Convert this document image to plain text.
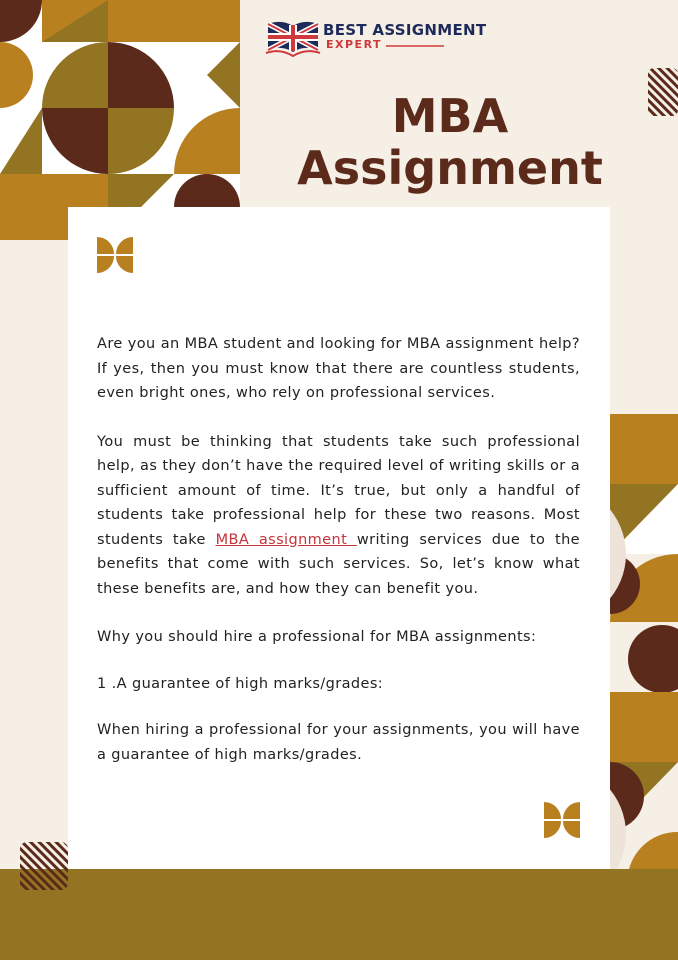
BEST ASSIGNMENT
EXPERT
MBA
Assignment

Are you an MBA student and looking for MBA assignment help? If yes, then you must know that there are countless students, even bright ones, who rely on professional services.

You must be thinking that students take such professional help, as they don’t have the required level of writing skills or a sufficient amount of time. It’s true, but only a handful of students take professional help for these two reasons. Most students take MBA assignment writing services due to the benefits that come with such services. So, let’s know what these benefits are, and how they can benefit you.

Why you should hire a professional for MBA assignments:

1 .A guarantee of high marks/grades:

When hiring a professional for your assignments, you will have a guarantee of high marks/grades.
